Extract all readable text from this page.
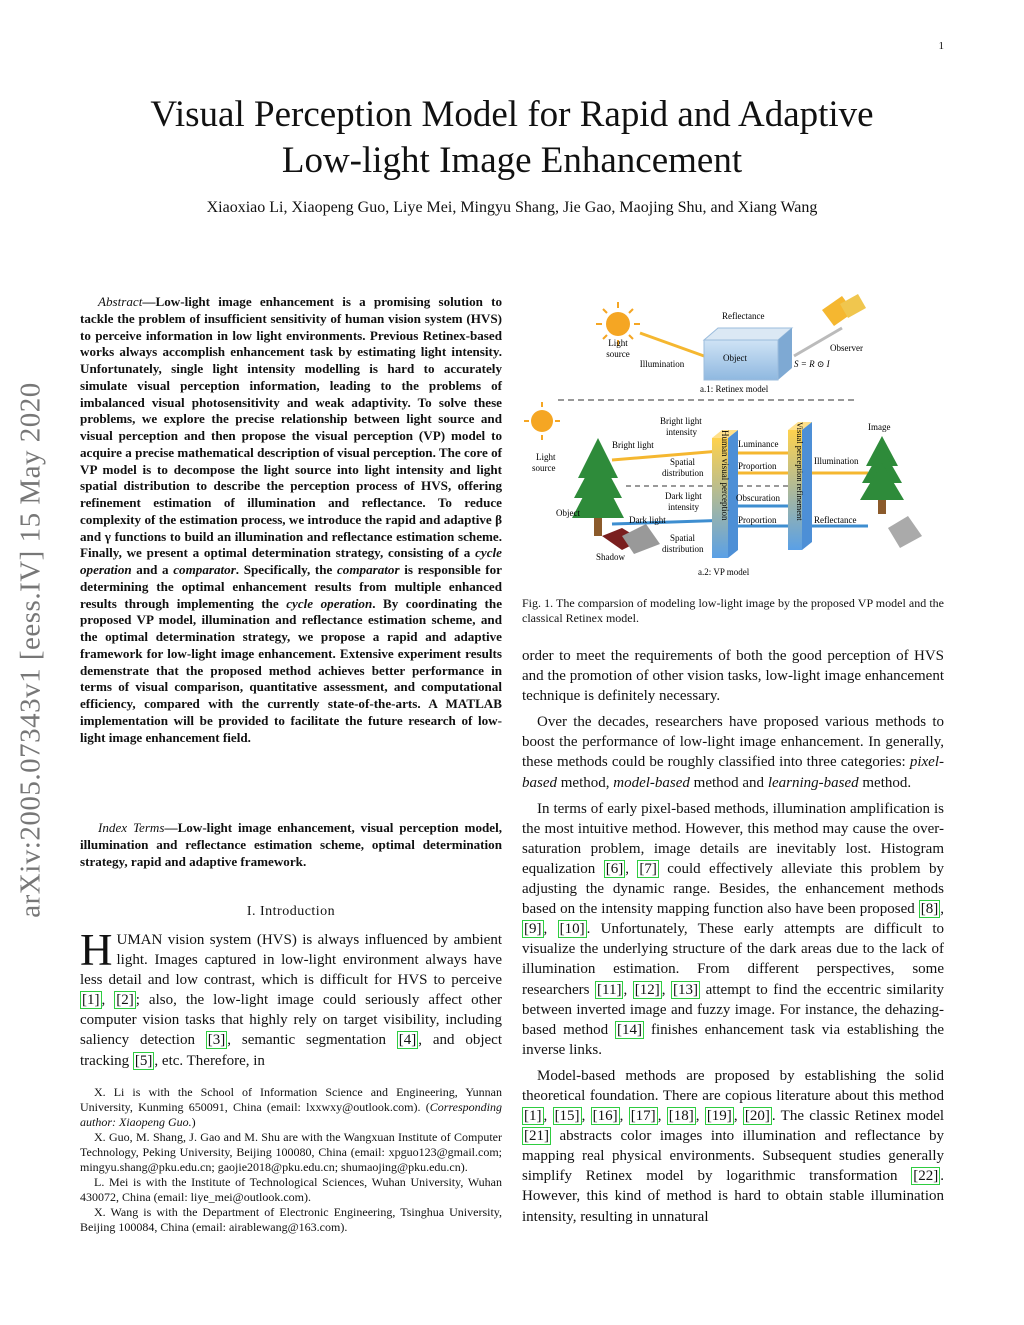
1
arXiv:2005.07343v1 [eess.IV] 15 May 2020
Visual Perception Model for Rapid and Adaptive
Low-light Image Enhancement
Xiaoxiao Li, Xiaopeng Guo, Liye Mei, Mingyu Shang, Jie Gao, Maojing Shu, and Xiang Wang
Abstract—Low-light image enhancement is a promising solution to tackle the problem of insufficient sensitivity of human vision system (HVS) to perceive information in low light environments. Previous Retinex-based works always accomplish enhancement task by estimating light intensity. Unfortunately, single light intensity modelling is hard to accurately simulate visual perception information, leading to the problems of imbalanced visual photosensitivity and weak adaptivity. To solve these problems, we explore the precise relationship between light source and visual perception and then propose the visual perception (VP) model to acquire a precise mathematical description of visual perception. The core of VP model is to decompose the light source into light intensity and light spatial distribution to describe the perception process of HVS, offering refinement estimation of illumination and reflectance. To reduce complexity of the estimation process, we introduce the rapid and adaptive β and γ functions to build an illumination and reflectance estimation scheme. Finally, we present a optimal determination strategy, consisting of a cycle operation and a comparator. Specifically, the comparator is responsible for determining the optimal enhancement results from multiple enhanced results through implementing the cycle operation. By coordinating the proposed VP model, illumination and reflectance estimation scheme, and the optimal determination strategy, we propose a rapid and adaptive framework for low-light image enhancement. Extensive experiment results demenstrate that the proposed method achieves better performance in terms of visual comparison, quantitative assessment, and computational efficiency, compared with the currently state-of-the-arts. A MATLAB implementation will be provided to facilitate the future research of low-light image enhancement field.
Index Terms—Low-light image enhancement, visual perception model, illumination and reflectance estimation scheme, optimal determination strategy, rapid and adaptive framework.
I. Introduction
HUMAN vision system (HVS) is always influenced by ambient light. Images captured in low-light environment always have less detail and low contrast, which is difficult for HVS to perceive [1] , [2] ; also, the low-light image could seriously affect other computer vision tasks that highly rely on target visibility, including saliency detection [3] , semantic segmentation [4] , and object tracking [5] , etc. Therefore, in

X. Li is with the School of Information Science and Engineering, Yunnan University, Kunming 650091, China (email: lxxwxy@outlook.com). (Corresponding author: Xiaopeng Guo.)

X. Guo, M. Shang, J. Gao and M. Shu are with the Wangxuan Institute of Computer Technology, Peking University, Beijing 100080, China (email: xpguo123@gmail.com; mingyu.shang@pku.edu.cn; gaojie2018@pku.edu.cn; shumaojing@pku.edu.cn).

L. Mei is with the Institute of Technological Sciences, Wuhan University, Wuhan 430072, China (email: liye_mei@outlook.com).

X. Wang is with the Department of Electronic Engineering, Tsinghua University, Beijing 100084, China (email: airablewang@163.com).

Light
source
Illumination
Reflectance
Object
S = R ⊙ I
Observer
a.1: Retinex model
Light
source
Object
Shadow
Bright light
intensity
Bright light
Spatial
distribution
Dark light
intensity
Dark light
Spatial
distribution
Human visual perception Luminance
Proportion
Obscuration
Proportion Visual perception refinement Illumination
Reflectance
Image
a.2: VP model
Fig. 1. The comparsion of modeling low-light image by the proposed VP model and the classical Retinex model.

order to meet the requirements of both the good perception of HVS and the promotion of other vision tasks, low-light image enhancement technique is definitely necessary.

Over the decades, researchers have proposed various methods to boost the performance of low-light image enhancement. In generally, these methods could be roughly classified into three categories: pixel-based method, model-based method and learning-based method.

In terms of early pixel-based methods, illumination amplification is the most intuitive method. However, this method may cause the over-saturation problem, image details are inevitably lost. Histogram equalization [6] , [7] could effectively alleviate this problem by adjusting the dynamic range. Besides, the enhancement methods based on the intensity mapping function also have been proposed [8] , [9] , [10] . Unfortunately, These early attempts are difficult to visualize the underlying structure of the dark areas due to the lack of illumination estimation. From different perspectives, some researchers [11] , [12] , [13] attempt to find the eccentric similarity between inverted image and fuzzy image. For instance, the dehazing-based method [14] finishes enhancement task via establishing the inverse links.

Model-based methods are proposed by establishing the solid theoretical foundation. There are copious literature about this method [1] , [15] , [16] , [17] , [18] , [19] , [20] . The classic Retinex model [21] abstracts color images into illumination and reflectance by mapping real physical environments. Subsequent studies generally simplify Retinex model by logarithmic transformation [22] . However, this kind of method is hard to obtain stable illumination intensity, resulting in unnatural
